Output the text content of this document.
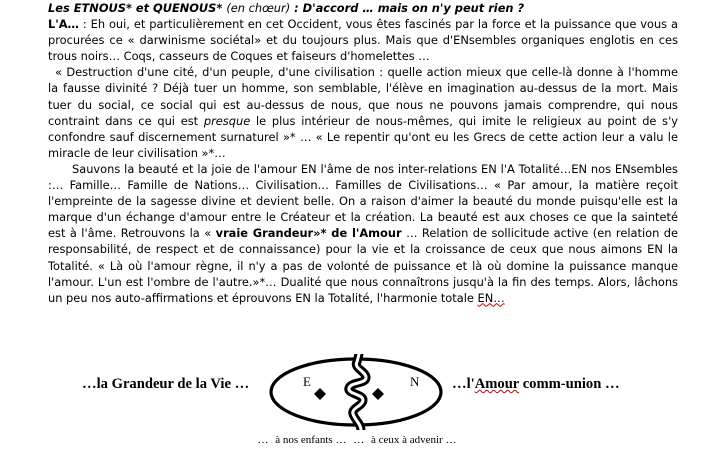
Les ETNOUS* et QUENOUS* (en chœur) : D'accord … mais on n'y peut rien ?

L'A… : Eh oui, et particulièrement en cet Occident, vous êtes fascinés par la force et la puissance que vous a procurées ce « darwinisme sociétal» et du toujours plus. Mais que d'ENsembles organiques englotis en ces trous noirs… Coqs, casseurs de Coques et faiseurs d'homelettes …

« Destruction d'une cité, d'un peuple, d'une civilisation : quelle action mieux que celle-là donne à l'homme la fausse divinité ? Déjà tuer un homme, son semblable, l'élève en imagination au-dessus de la mort. Mais tuer du social, ce social qui est au-dessus de nous, que nous ne pouvons jamais comprendre, qui nous contraint dans ce qui est presque le plus intérieur de nous-mêmes, qui imite le religieux au point de s'y confondre sauf discernement surnaturel »* … « Le repentir qu'ont eu les Grecs de cette action leur a valu le miracle de leur civilisation »*…

Sauvons la beauté et la joie de l'amour EN l'âme de nos inter-relations EN l'A Totalité…EN nos ENsembles :… Famille… Famille de Nations… Civilisation… Familles de Civilisations… « Par amour, la matière reçoit l'empreinte de la sagesse divine et devient belle. On a raison d'aimer la beauté du monde puisqu'elle est la marque d'un échange d'amour entre le Créateur et la création. La beauté est aux choses ce que la sainteté est à l'âme. Retrouvons la « vraie Grandeur»* de l'Amour … Relation de sollicitude active (en relation de responsabilité, de respect et de connaissance) pour la vie et la croissance de ceux que nous aimons EN la Totalité. « Là où l'amour règne, il n'y a pas de volonté de puissance et là où domine la puissance manque l'amour. L'un est l'ombre de l'autre.»*… Dualité que nous connaîtrons jusqu'à la fin des temps. Alors, lâchons un peu nos auto-affirmations et éprouvons EN la Totalité, l'harmonie totale EN…

…la Grandeur de la Vie …	E	N …l'Amour comm-union …
… à nos enfants … … à ceux à advenir …
